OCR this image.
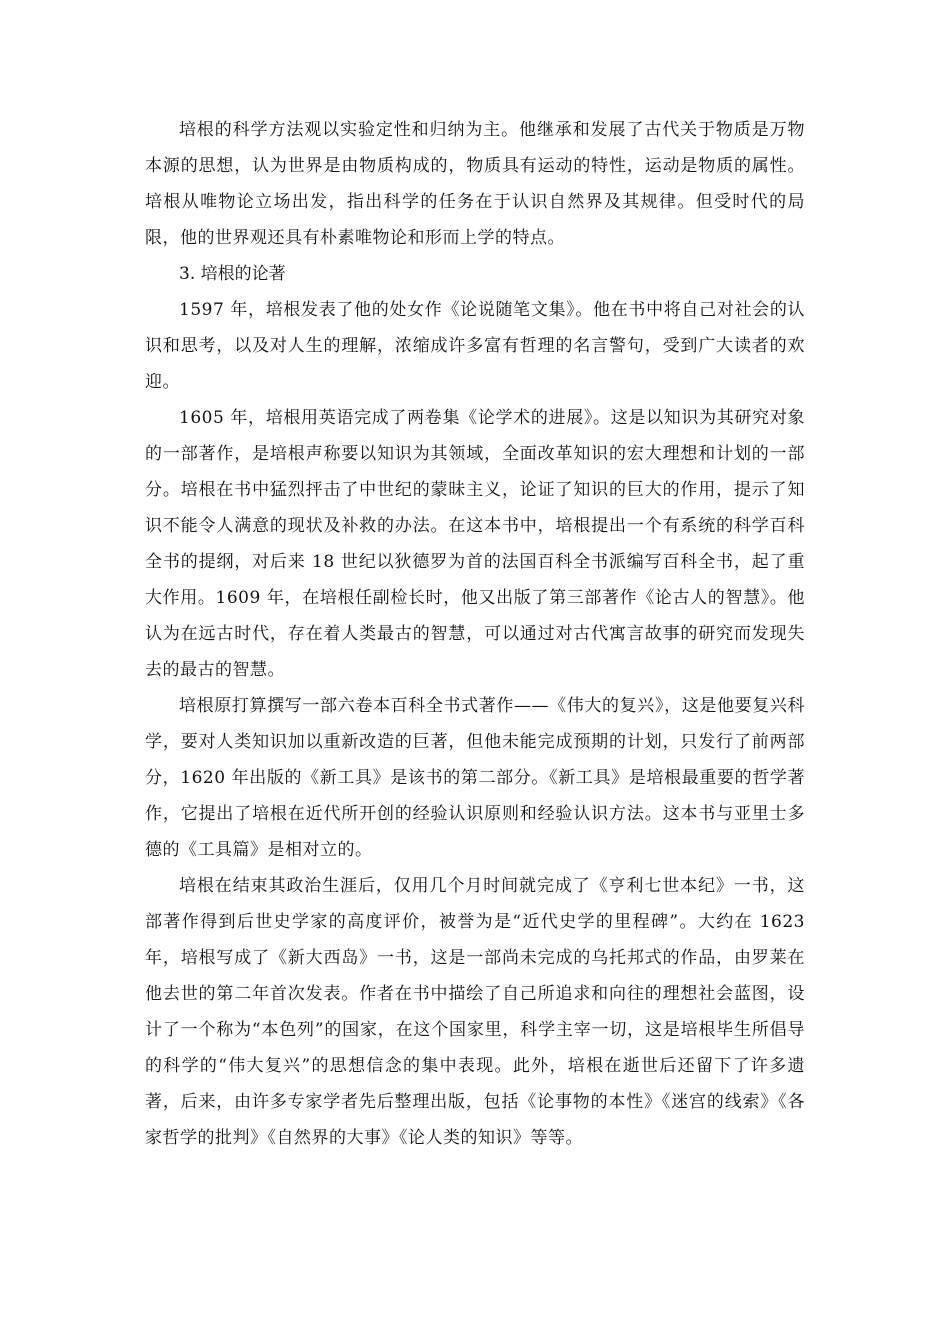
培根的科学方法观以实验定性和归纳为主。他继承和发展了古代关于物质是万物本源的思想，认为世界是由物质构成的，物质具有运动的特性，运动是物质的属性。培根从唯物论立场出发，指出科学的任务在于认识自然界及其规律。但受时代的局限，他的世界观还具有朴素唯物论和形而上学的特点。

3. 培根的论著

1597 年，培根发表了他的处女作《论说随笔文集》。他在书中将自己对社会的认识和思考，以及对人生的理解，浓缩成许多富有哲理的名言警句，受到广大读者的欢迎。

1605 年，培根用英语完成了两卷集《论学术的进展》。这是以知识为其研究对象的一部著作，是培根声称要以知识为其领域，全面改革知识的宏大理想和计划的一部分。培根在书中猛烈抨击了中世纪的蒙昧主义，论证了知识的巨大的作用，提示了知识不能令人满意的现状及补救的办法。在这本书中，培根提出一个有系统的科学百科全书的提纲，对后来 18 世纪以狄德罗为首的法国百科全书派编写百科全书，起了重大作用。1609 年，在培根任副检长时，他又出版了第三部著作《论古人的智慧》。他认为在远古时代，存在着人类最古的智慧，可以通过对古代寓言故事的研究而发现失去的最古的智慧。

培根原打算撰写一部六卷本百科全书式著作——《伟大的复兴》，这是他要复兴科学，要对人类知识加以重新改造的巨著，但他未能完成预期的计划，只发行了前两部分，1620 年出版的《新工具》是该书的第二部分。《新工具》是培根最重要的哲学著作，它提出了培根在近代所开创的经验认识原则和经验认识方法。这本书与亚里士多德的《工具篇》是相对立的。

培根在结束其政治生涯后，仅用几个月时间就完成了《亨利七世本纪》一书，这部著作得到后世史学家的高度评价，被誉为是“近代史学的里程碑”。大约在 1623 年，培根写成了《新大西岛》一书，这是一部尚未完成的乌托邦式的作品，由罗莱在他去世的第二年首次发表。作者在书中描绘了自己所追求和向往的理想社会蓝图，设计了一个称为“本色列”的国家，在这个国家里，科学主宰一切，这是培根毕生所倡导的科学的“伟大复兴”的思想信念的集中表现。此外，培根在逝世后还留下了许多遗著，后来，由许多专家学者先后整理出版，包括《论事物的本性》《迷宫的线索》《各家哲学的批判》《自然界的大事》《论人类的知识》等等。
